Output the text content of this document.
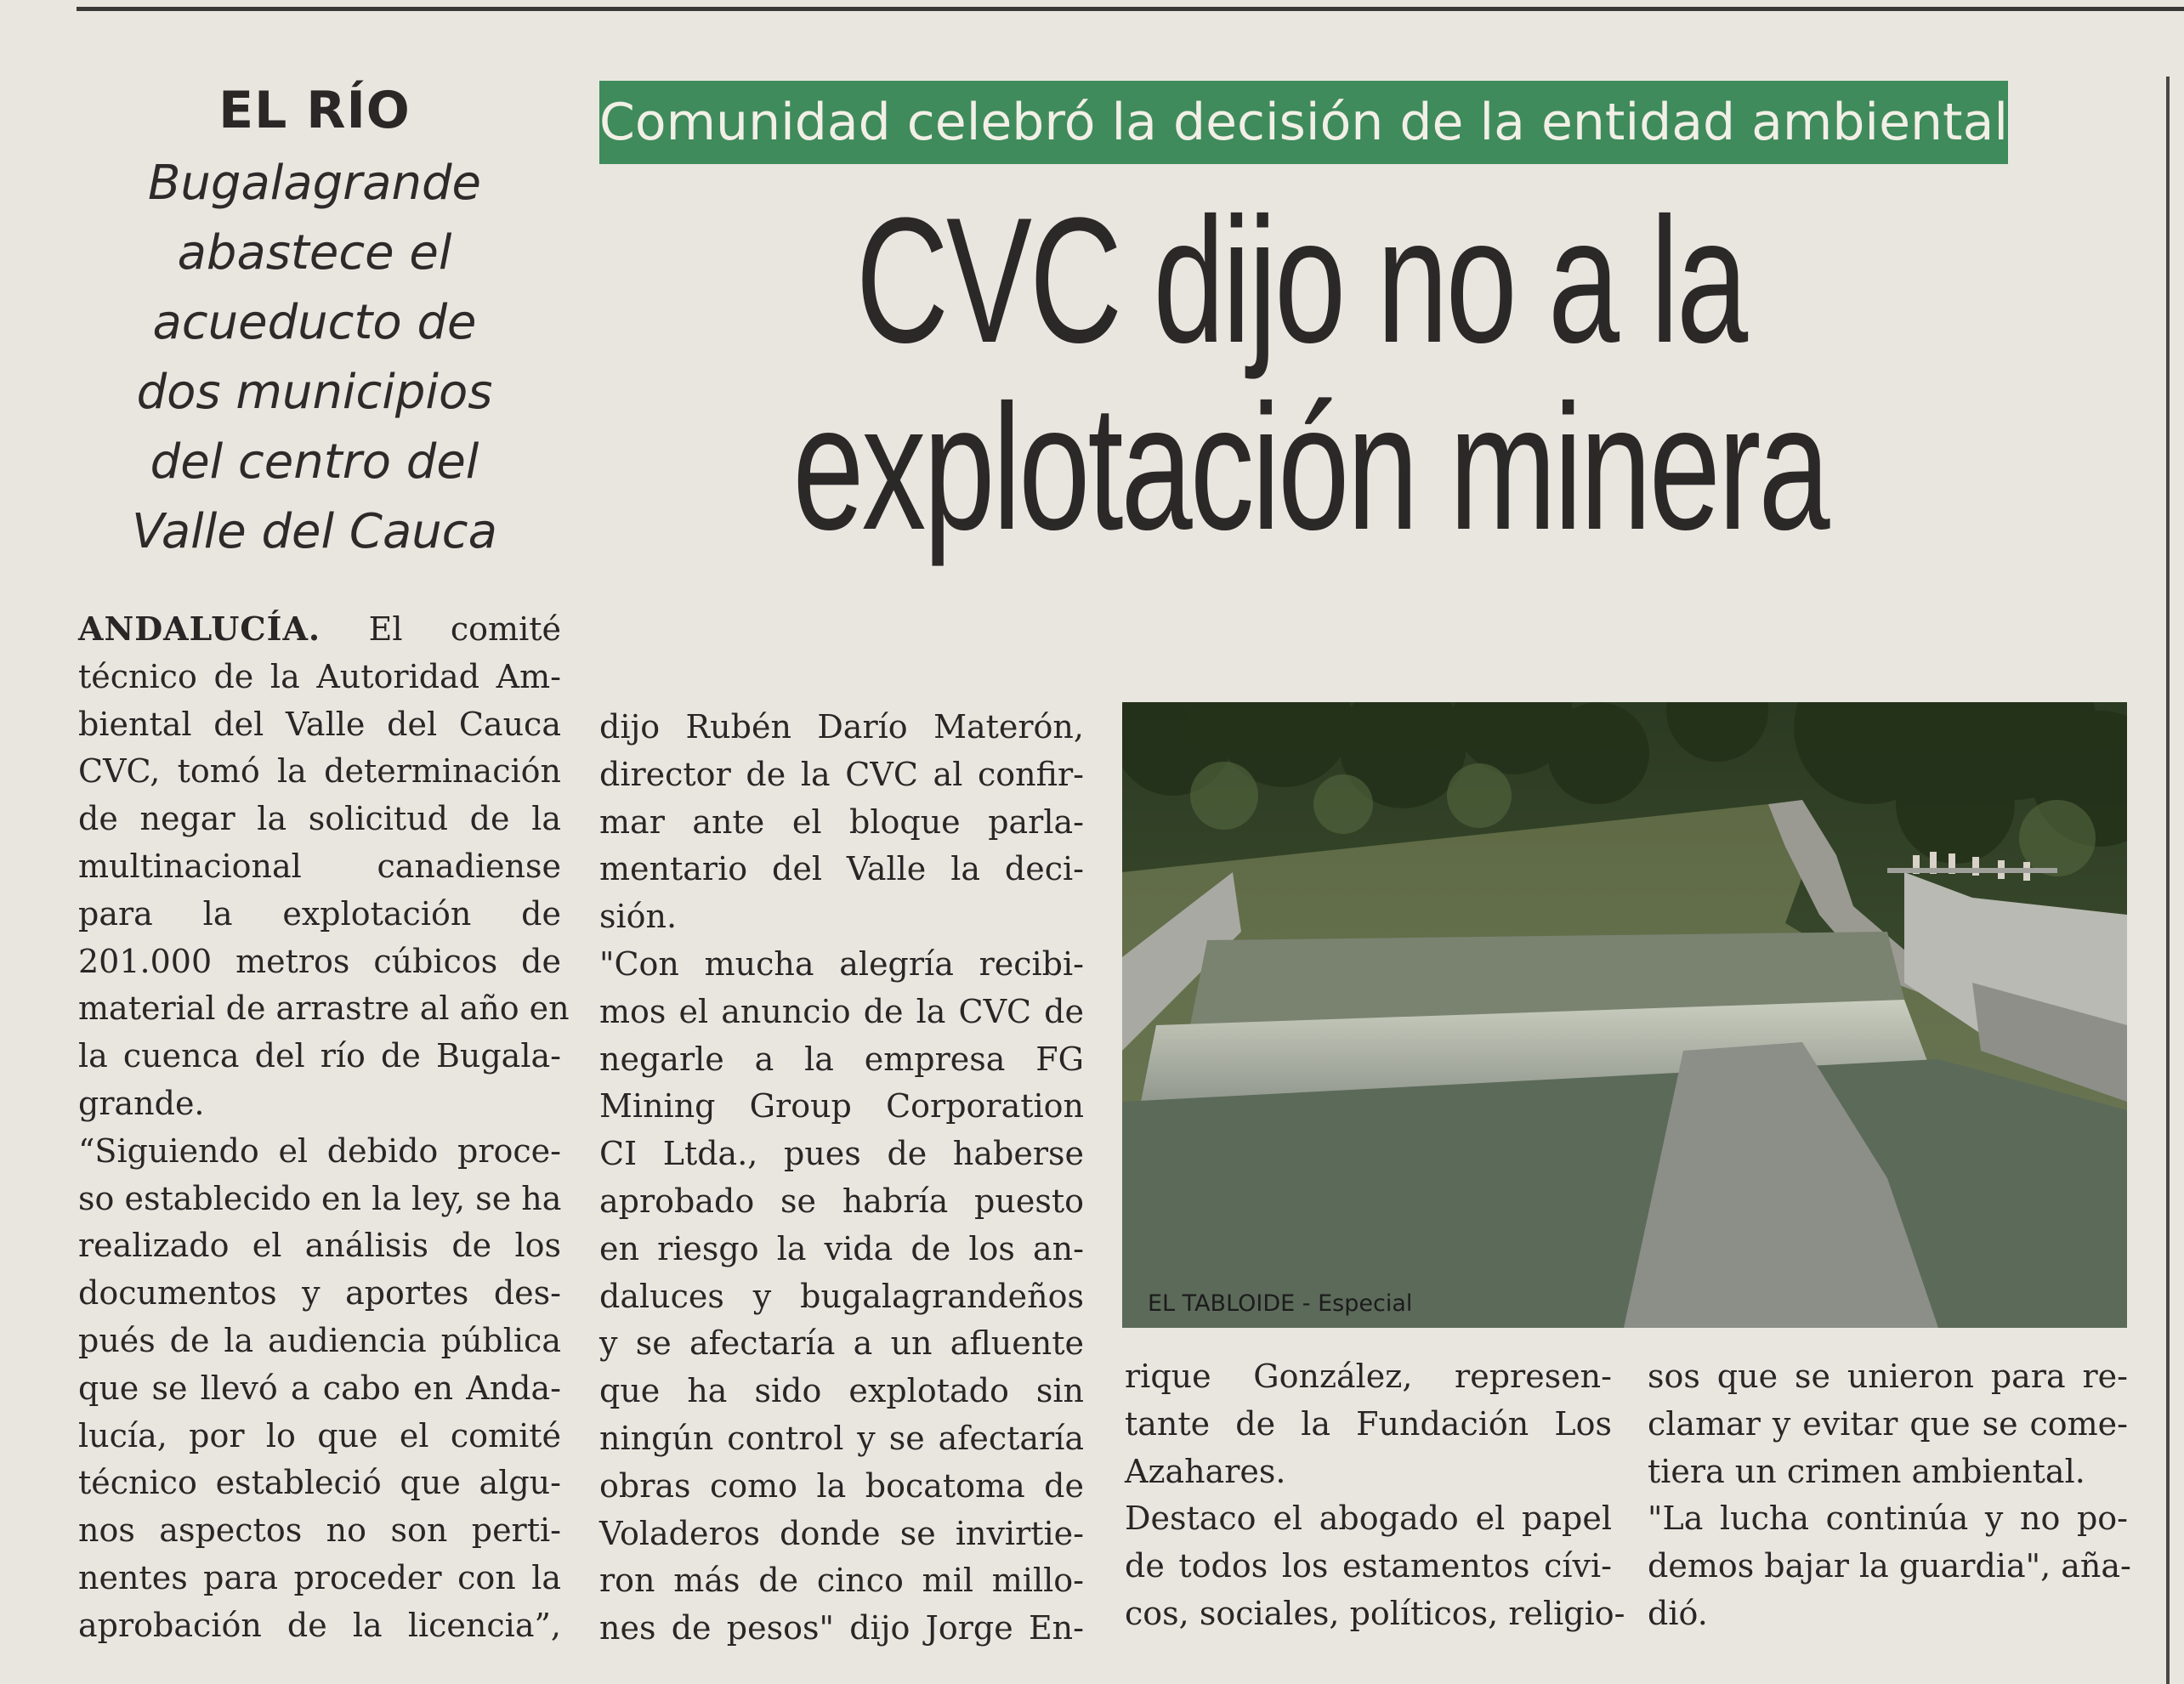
EL RÍO
Bugalagrande
abastece el
acueducto de
dos municipios
del centro del
Valle del Cauca
Comunidad celebró la decisión de la entidad ambiental
CVC dijo no a la
explotación minera
ANDALUCÍA. El comité
técnico de la Autoridad Am-
biental del Valle del Cauca
CVC, tomó la determinación
de negar la solicitud de la
multinacional canadiense
para la explotación de
201.000 metros cúbicos de
material de arrastre al año en
la cuenca del río de Bugala-
grande.
“Siguiendo el debido proce-
so establecido en la ley, se ha
realizado el análisis de los
documentos y aportes des-
pués de la audiencia pública
que se llevó a cabo en Anda-
lucía, por lo que el comité
técnico estableció que algu-
nos aspectos no son perti-
nentes para proceder con la
aprobación de la licencia”,
dijo Rubén Darío Materón,
director de la CVC al confir-
mar ante el bloque parla-
mentario del Valle la deci-
sión.
"Con mucha alegría recibi-
mos el anuncio de la CVC de
negarle a la empresa FG
Mining Group Corporation
CI Ltda., pues de haberse
aprobado se habría puesto
en riesgo la vida de los an-
daluces y bugalagrandeños
y se afectaría a un afluente
que ha sido explotado sin
ningún control y se afectaría
obras como la bocatoma de
Voladeros donde se invirtie-
ron más de cinco mil millo-
nes de pesos" dijo Jorge En-
EL TABLOIDE - Especial
rique González, represen-
tante de la Fundación Los
Azahares.
Destaco el abogado el papel
de todos los estamentos cívi-
cos, sociales, políticos, religio-
sos que se unieron para re-
clamar y evitar que se come-
tiera un crimen ambiental.
"La lucha continúa y no po-
demos bajar la guardia", aña-
dió.
